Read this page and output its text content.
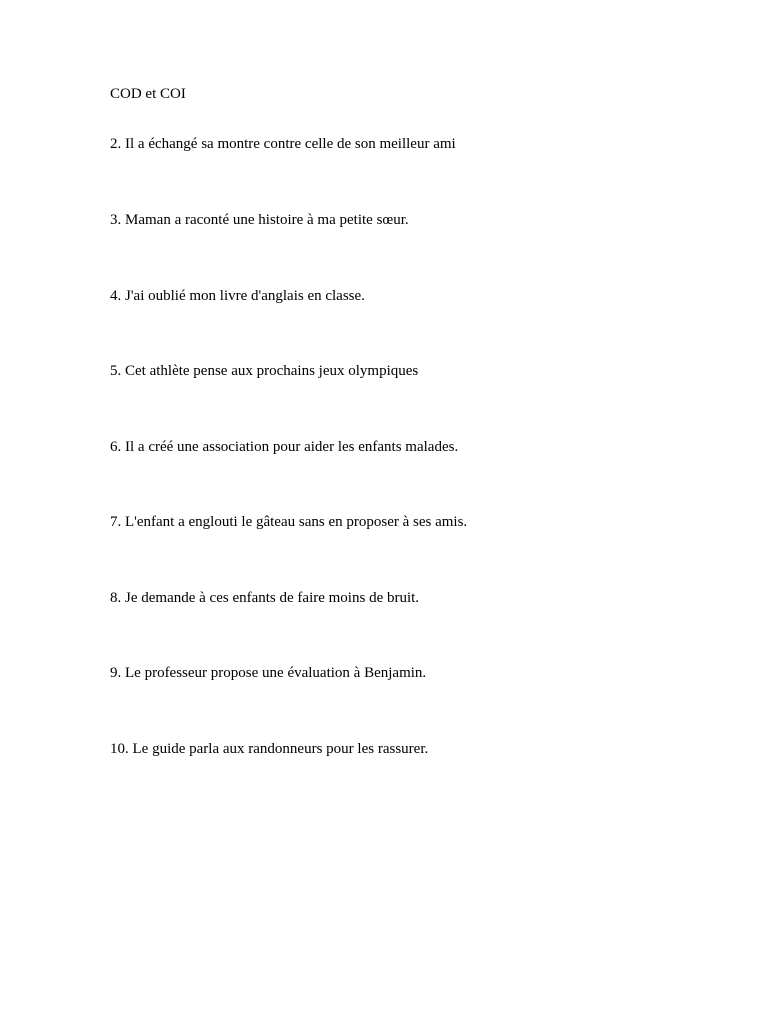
COD et COI
2. Il a échangé sa montre contre celle de son meilleur ami
3. Maman a raconté une histoire à ma petite sœur.
4. J'ai oublié mon livre d'anglais en classe.
5. Cet athlète pense aux prochains jeux olympiques
6. Il a créé une association pour aider les enfants malades.
7. L'enfant a englouti le gâteau sans en proposer à ses amis.
8. Je demande à ces enfants de faire moins de bruit.
9. Le professeur propose une évaluation à Benjamin.
10. Le guide parla aux randonneurs pour les rassurer.
